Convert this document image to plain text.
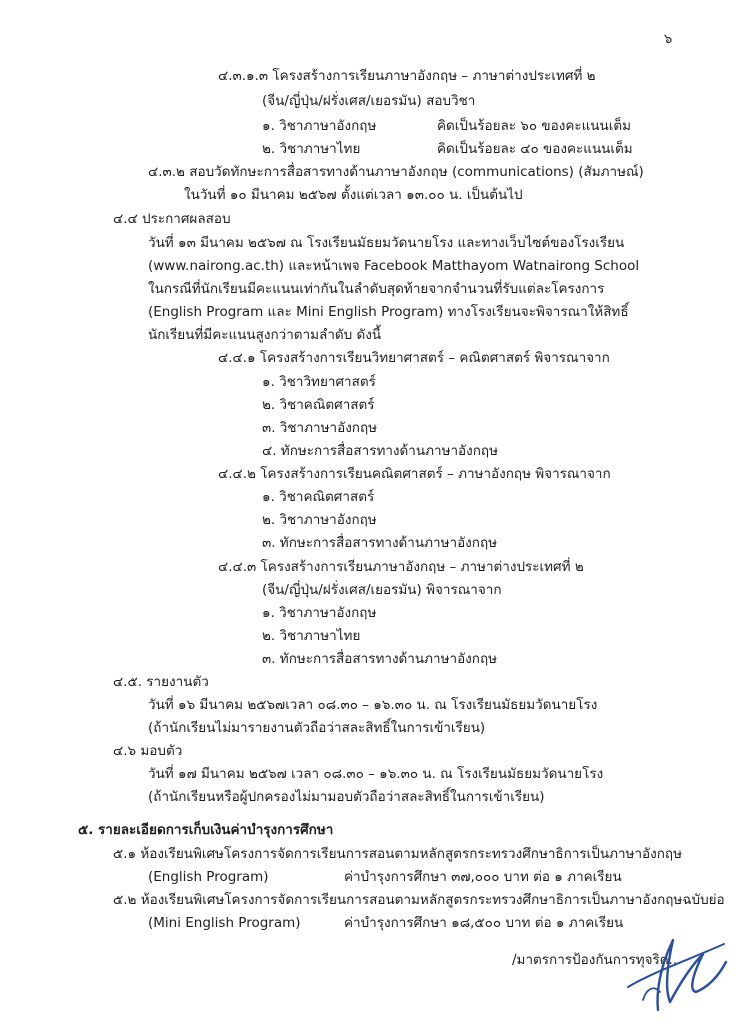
๖
๔.๓.๑.๓ โครงสร้างการเรียนภาษาอังกฤษ – ภาษาต่างประเทศที่ ๒
(จีน/ญี่ปุ่น/ฝรั่งเศส/เยอรมัน) สอบวิชา
๑. วิชาภาษาอังกฤษ	คิดเป็นร้อยละ ๖๐ ของคะแนนเต็ม
๒. วิชาภาษาไทย	คิดเป็นร้อยละ ๔๐ ของคะแนนเต็ม
๔.๓.๒ สอบวัดทักษะการสื่อสารทางด้านภาษาอังกฤษ (communications) (สัมภาษณ์)
ในวันที่ ๑๐ มีนาคม ๒๕๖๗ ตั้งแต่เวลา ๑๓.๐๐ น. เป็นต้นไป
๔.๔ ประกาศผลสอบ
วันที่ ๑๓ มีนาคม ๒๕๖๗ ณ โรงเรียนมัธยมวัดนายโรง และทางเว็บไซต์ของโรงเรียน
(www.nairong.ac.th) และหน้าเพจ Facebook Matthayom Watnairong School
ในกรณีที่นักเรียนมีคะแนนเท่ากันในลำดับสุดท้ายจากจำนวนที่รับแต่ละโครงการ
(English Program และ Mini English Program) ทางโรงเรียนจะพิจารณาให้สิทธิ์
นักเรียนที่มีคะแนนสูงกว่าตามลำดับ ดังนี้
๔.๔.๑ โครงสร้างการเรียนวิทยาศาสตร์ – คณิตศาสตร์ พิจารณาจาก
๑. วิชาวิทยาศาสตร์
๒. วิชาคณิตศาสตร์
๓. วิชาภาษาอังกฤษ
๔. ทักษะการสื่อสารทางด้านภาษาอังกฤษ
๔.๔.๒ โครงสร้างการเรียนคณิตศาสตร์ – ภาษาอังกฤษ พิจารณาจาก
๑. วิชาคณิตศาสตร์
๒. วิชาภาษาอังกฤษ
๓. ทักษะการสื่อสารทางด้านภาษาอังกฤษ
๔.๔.๓ โครงสร้างการเรียนภาษาอังกฤษ – ภาษาต่างประเทศที่ ๒
(จีน/ญี่ปุ่น/ฝรั่งเศส/เยอรมัน) พิจารณาจาก
๑. วิชาภาษาอังกฤษ
๒. วิชาภาษาไทย
๓. ทักษะการสื่อสารทางด้านภาษาอังกฤษ
๔.๕. รายงานตัว
วันที่ ๑๖ มีนาคม ๒๕๖๗เวลา ๐๘.๓๐ – ๑๖.๓๐ น. ณ โรงเรียนมัธยมวัดนายโรง
(ถ้านักเรียนไม่มารายงานตัวถือว่าสละสิทธิ์ในการเข้าเรียน)
๔.๖ มอบตัว
วันที่ ๑๗ มีนาคม ๒๕๖๗ เวลา ๐๘.๓๐ – ๑๖.๓๐ น. ณ โรงเรียนมัธยมวัดนายโรง
(ถ้านักเรียนหรือผู้ปกครองไม่มามอบตัวถือว่าสละสิทธิ์ในการเข้าเรียน)
๕. รายละเอียดการเก็บเงินค่าบำรุงการศึกษา
๕.๑ ห้องเรียนพิเศษโครงการจัดการเรียนการสอนตามหลักสูตรกระทรวงศึกษาธิการเป็นภาษาอังกฤษ
(English Program)	ค่าบำรุงการศึกษา ๓๗,๐๐๐ บาท ต่อ ๑ ภาคเรียน
๕.๒ ห้องเรียนพิเศษโครงการจัดการเรียนการสอนตามหลักสูตรกระทรวงศึกษาธิการเป็นภาษาอังกฤษฉบับย่อ
(Mini English Program)	ค่าบำรุงการศึกษา ๑๘,๕๐๐ บาท ต่อ ๑ ภาคเรียน
/มาตรการป้องกันการทุจริต...
